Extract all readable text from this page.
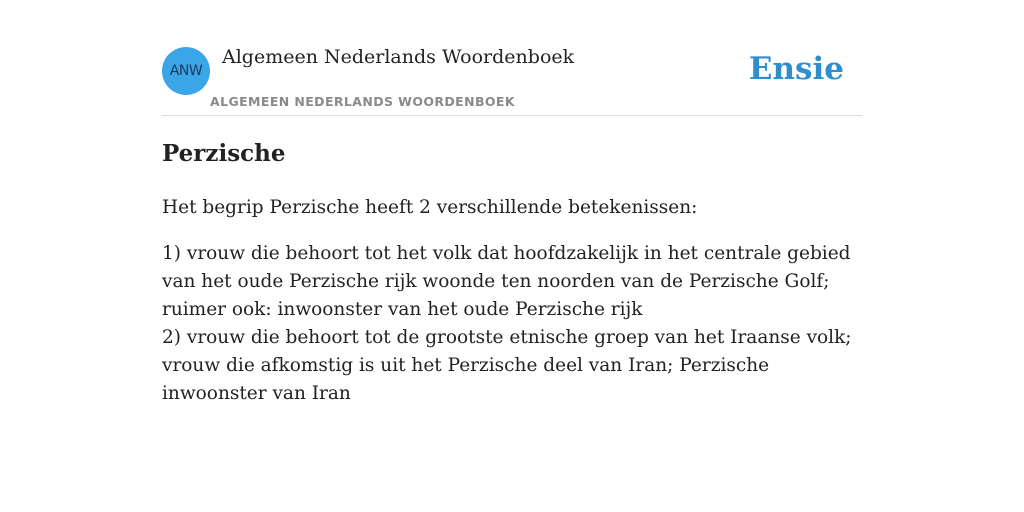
ANW
Algemeen Nederlands Woordenboek
ALGEMEEN NEDERLANDS WOORDENBOEK
Ensie
Perzische

Het begrip Perzische heeft 2 verschillende betekenissen:

1) vrouw die behoort tot het volk dat hoofdzakelijk in het centrale gebied van het oude Perzische rijk woonde ten noorden van de Perzische Golf; ruimer ook: inwoonster van het oude Perzische rijk
2) vrouw die behoort tot de grootste etnische groep van het Iraanse volk; vrouw die afkomstig is uit het Perzische deel van Iran; Perzische inwoonster van Iran
